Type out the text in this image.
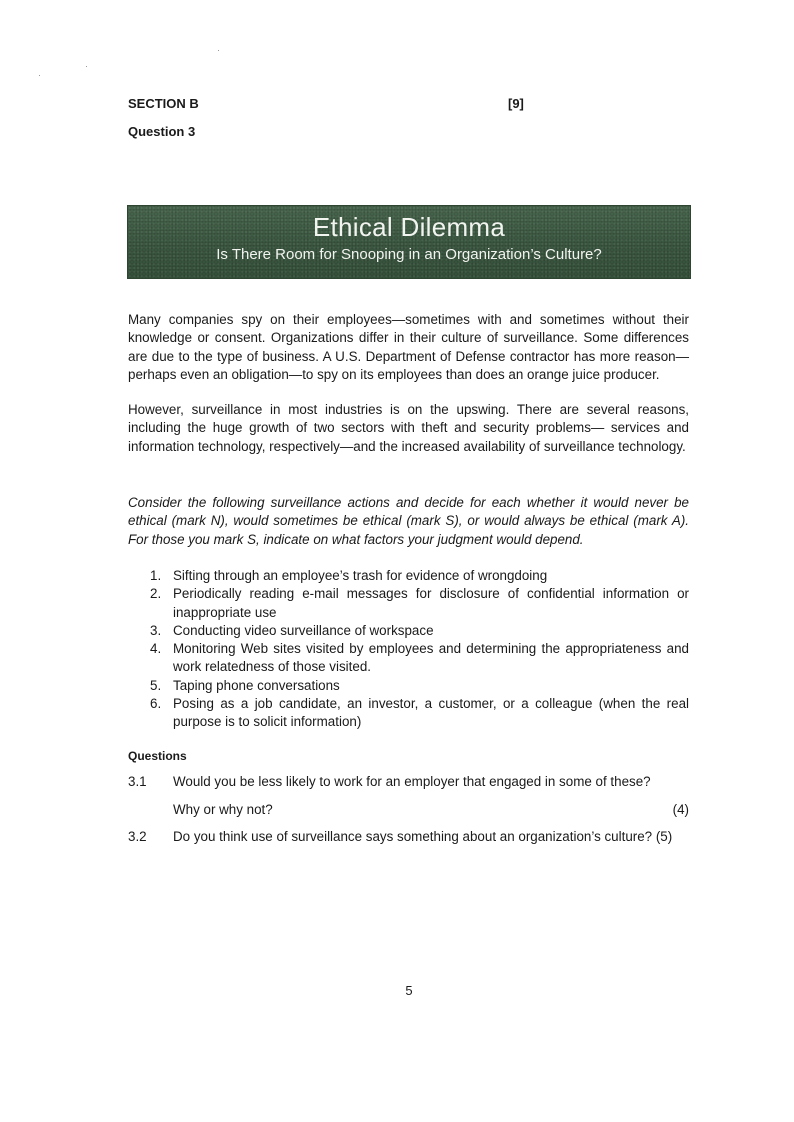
SECTION B	[9]
Question 3
Ethical Dilemma
Is There Room for Snooping in an Organization’s Culture?

Many companies spy on their employees—sometimes with and sometimes without their knowledge or consent. Organizations differ in their culture of surveillance. Some differences are due to the type of business. A U.S. Department of Defense contractor has more reason—perhaps even an obligation—to spy on its employees than does an orange juice producer.

However, surveillance in most industries is on the upswing. There are several reasons, including the huge growth of two sectors with theft and security problems— services and information technology, respectively—and the increased availability of surveillance technology.

Consider the following surveillance actions and decide for each whether it would never be ethical (mark N), would sometimes be ethical (mark S), or would always be ethical (mark A). For those you mark S, indicate on what factors your judgment would depend.

1. Sifting through an employee’s trash for evidence of wrongdoing
2. Periodically reading e-mail messages for disclosure of confidential information or inappropriate use
3. Conducting video surveillance of workspace
4. Monitoring Web sites visited by employees and determining the appropriateness and work relatedness of those visited.
5. Taping phone conversations
6. Posing as a job candidate, an investor, a customer, or a colleague (when the real purpose is to solicit information)
Questions
3.1 Would you be less likely to work for an employer that engaged in some of these?
Why or why not?	(4)
3.2 Do you think use of surveillance says something about an organization’s culture? (5)
5
